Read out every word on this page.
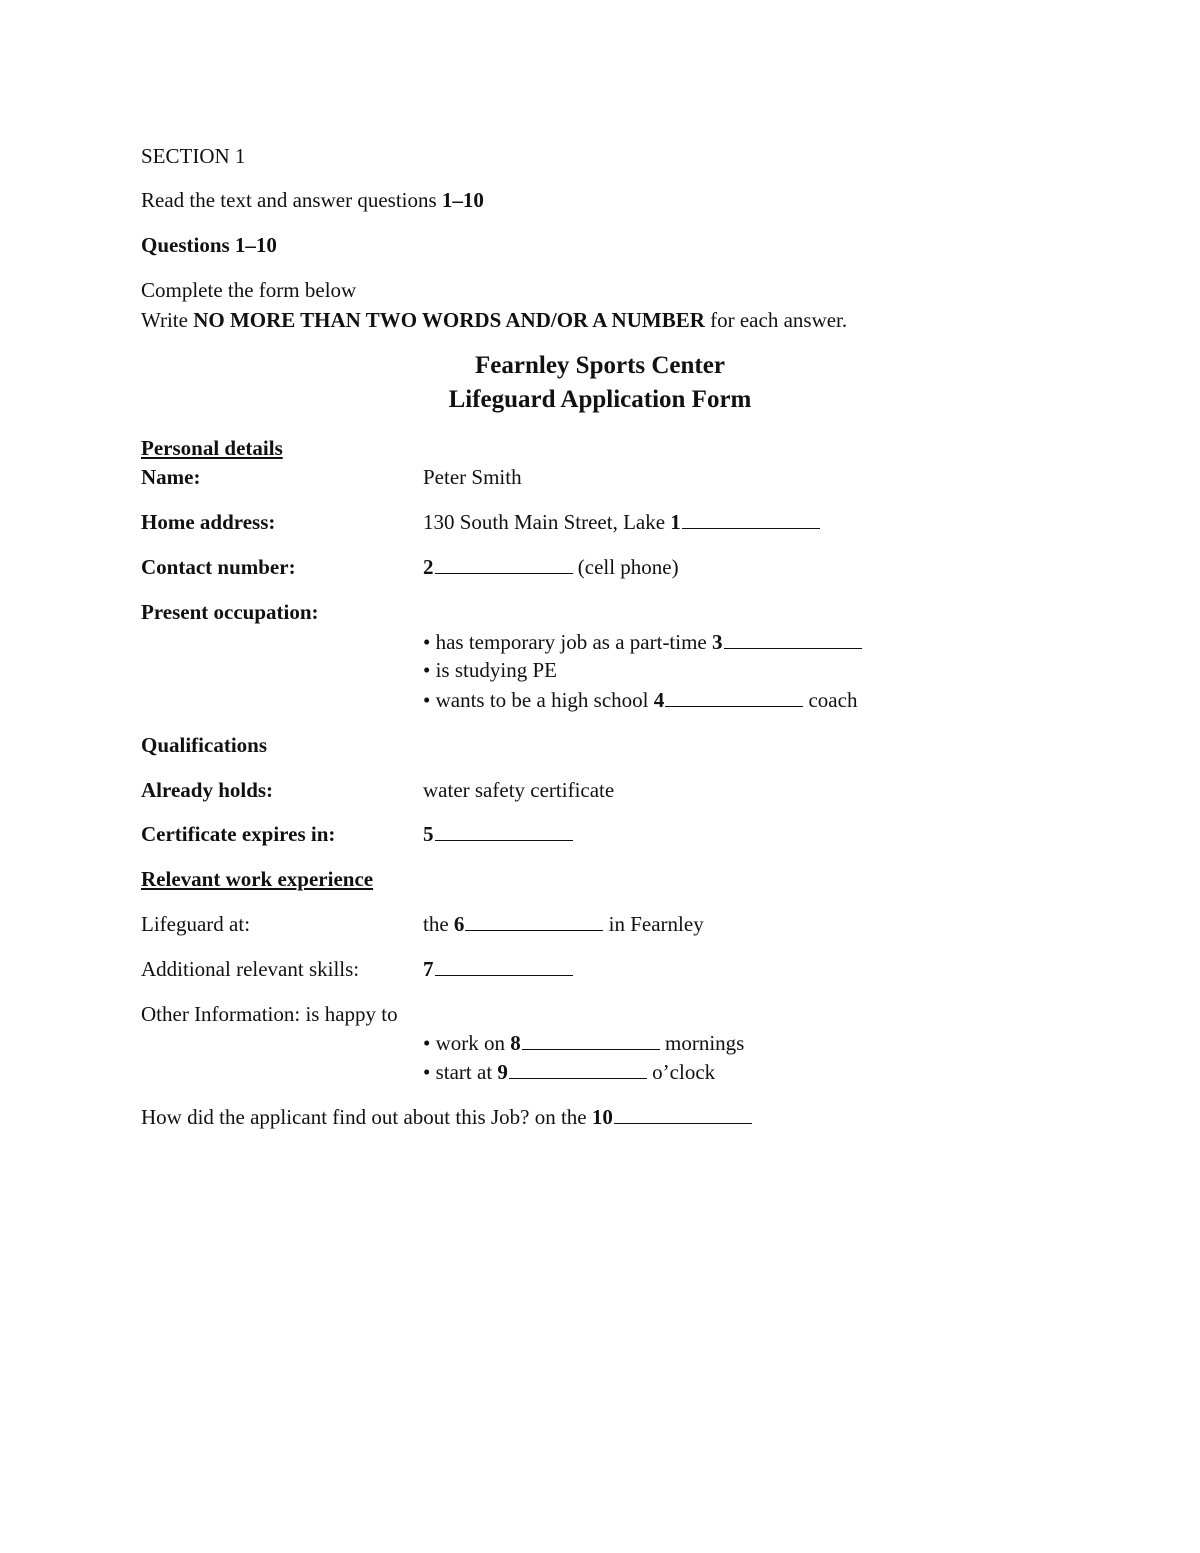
SECTION 1
Read the text and answer questions 1–10
Questions 1–10
Complete the form below
Write NO MORE THAN TWO WORDS AND/OR A NUMBER for each answer.
Fearnley Sports Center
Lifeguard Application Form
Personal details
Name:	Peter Smith
Home address:	130 South Main Street, Lake 1
Contact number:	2	(cell phone)
Present occupation:
• has temporary job as a part-time 3
• is studying PE
• wants to be a high school 4	coach
Qualifications
Already holds:	water safety certificate
Certificate expires in:	5
Relevant work experience
Lifeguard at:	the 6	in Fearnley
Additional relevant skills:	7
Other Information: is happy to
• work on 8	mornings
• start at 9	o’clock
How did the applicant find out about this Job? on the 10
